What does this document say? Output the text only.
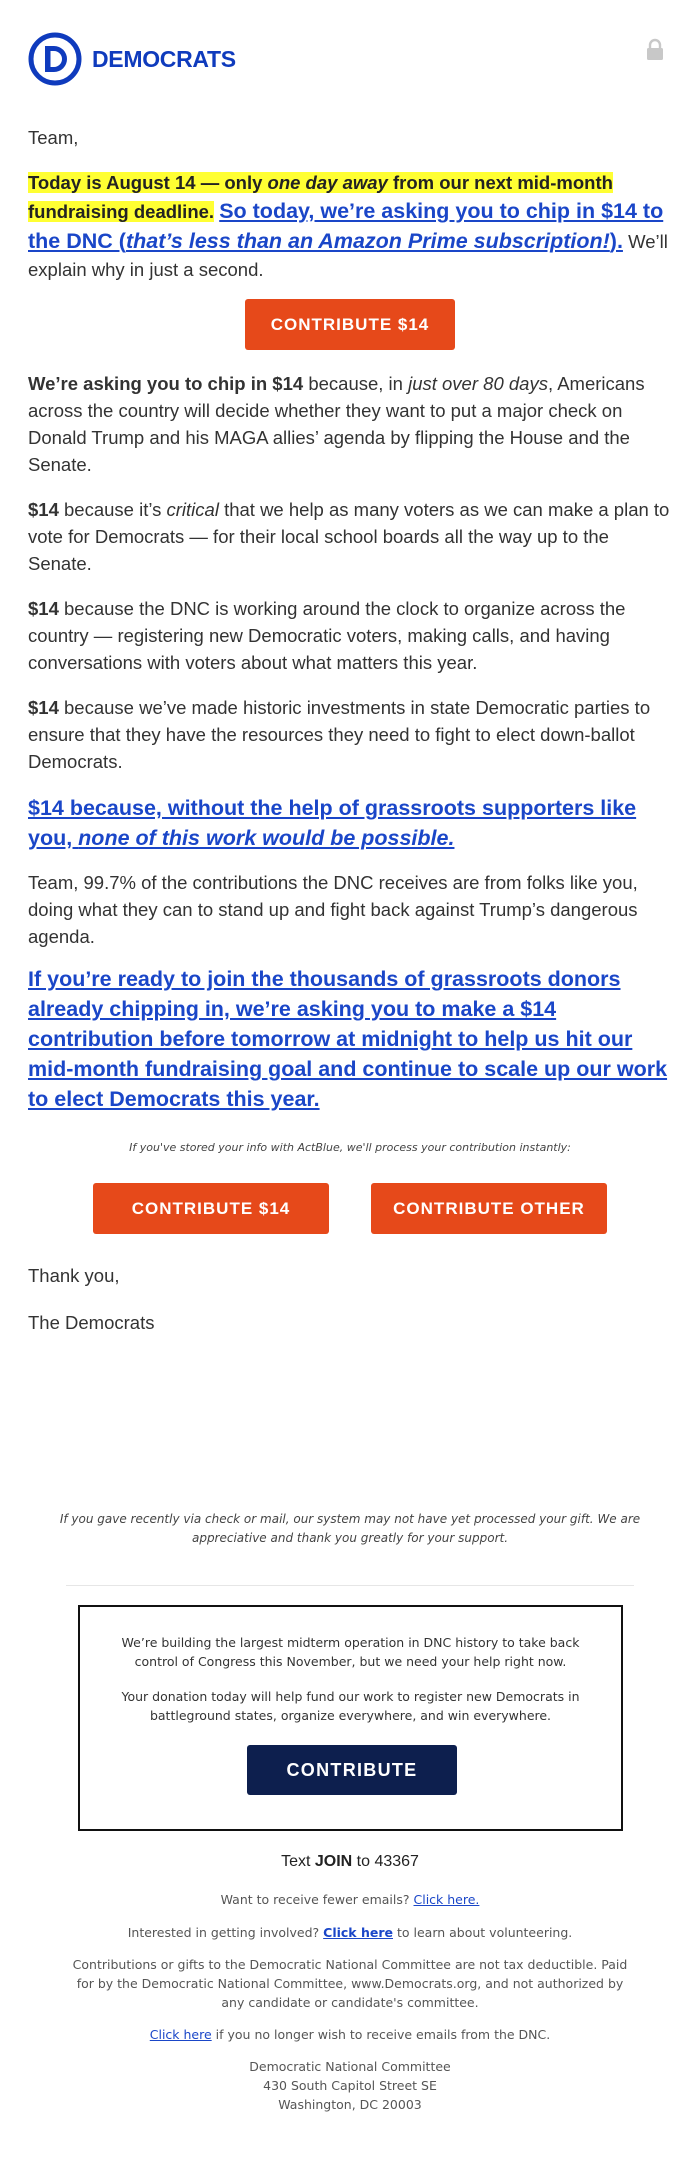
DEMOCRATS

Team,

Today is August 14 — only one day away from our next mid-month fundraising deadline. So today, we’re asking you to chip in $14 to the DNC (that’s less than an Amazon Prime subscription!). We’ll explain why in just a second.

CONTRIBUTE $14

We’re asking you to chip in $14 because, in just over 80 days, Americans across the country will decide whether they want to put a major check on Donald Trump and his MAGA allies’ agenda by flipping the House and the Senate.

$14 because it’s critical that we help as many voters as we can make a plan to vote for Democrats — for their local school boards all the way up to the Senate.

$14 because the DNC is working around the clock to organize across the country — registering new Democratic voters, making calls, and having conversations with voters about what matters this year.

$14 because we’ve made historic investments in state Democratic parties to ensure that they have the resources they need to fight to elect down-ballot Democrats.

$14 because, without the help of grassroots supporters like you, none of this work would be possible.

Team, 99.7% of the contributions the DNC receives are from folks like you, doing what they can to stand up and fight back against Trump’s dangerous agenda.

If you’re ready to join the thousands of grassroots donors already chipping in, we’re asking you to make a $14 contribution before tomorrow at midnight to help us hit our mid-month fundraising goal and continue to scale up our work to elect Democrats this year.

If you've stored your info with ActBlue, we'll process your contribution instantly:
CONTRIBUTE $14	CONTRIBUTE OTHER

Thank you,

The Democrats

If you gave recently via check or mail, our system may not have yet processed your gift. We are appreciative and thank you greatly for your support.

We’re building the largest midterm operation in DNC history to take back control of Congress this November, but we need your help right now.

Your donation today will help fund our work to register new Democrats in battleground states, organize everywhere, and win everywhere.

CONTRIBUTE
Text JOIN to 43367
Want to receive fewer emails? Click here.
Interested in getting involved? Click here to learn about volunteering.
Contributions or gifts to the Democratic National Committee are not tax deductible. Paid for by the Democratic National Committee, www.Democrats.org, and not authorized by any candidate or candidate's committee.
Click here if you no longer wish to receive emails from the DNC.
Democratic National Committee
430 South Capitol Street SE
Washington, DC 20003
